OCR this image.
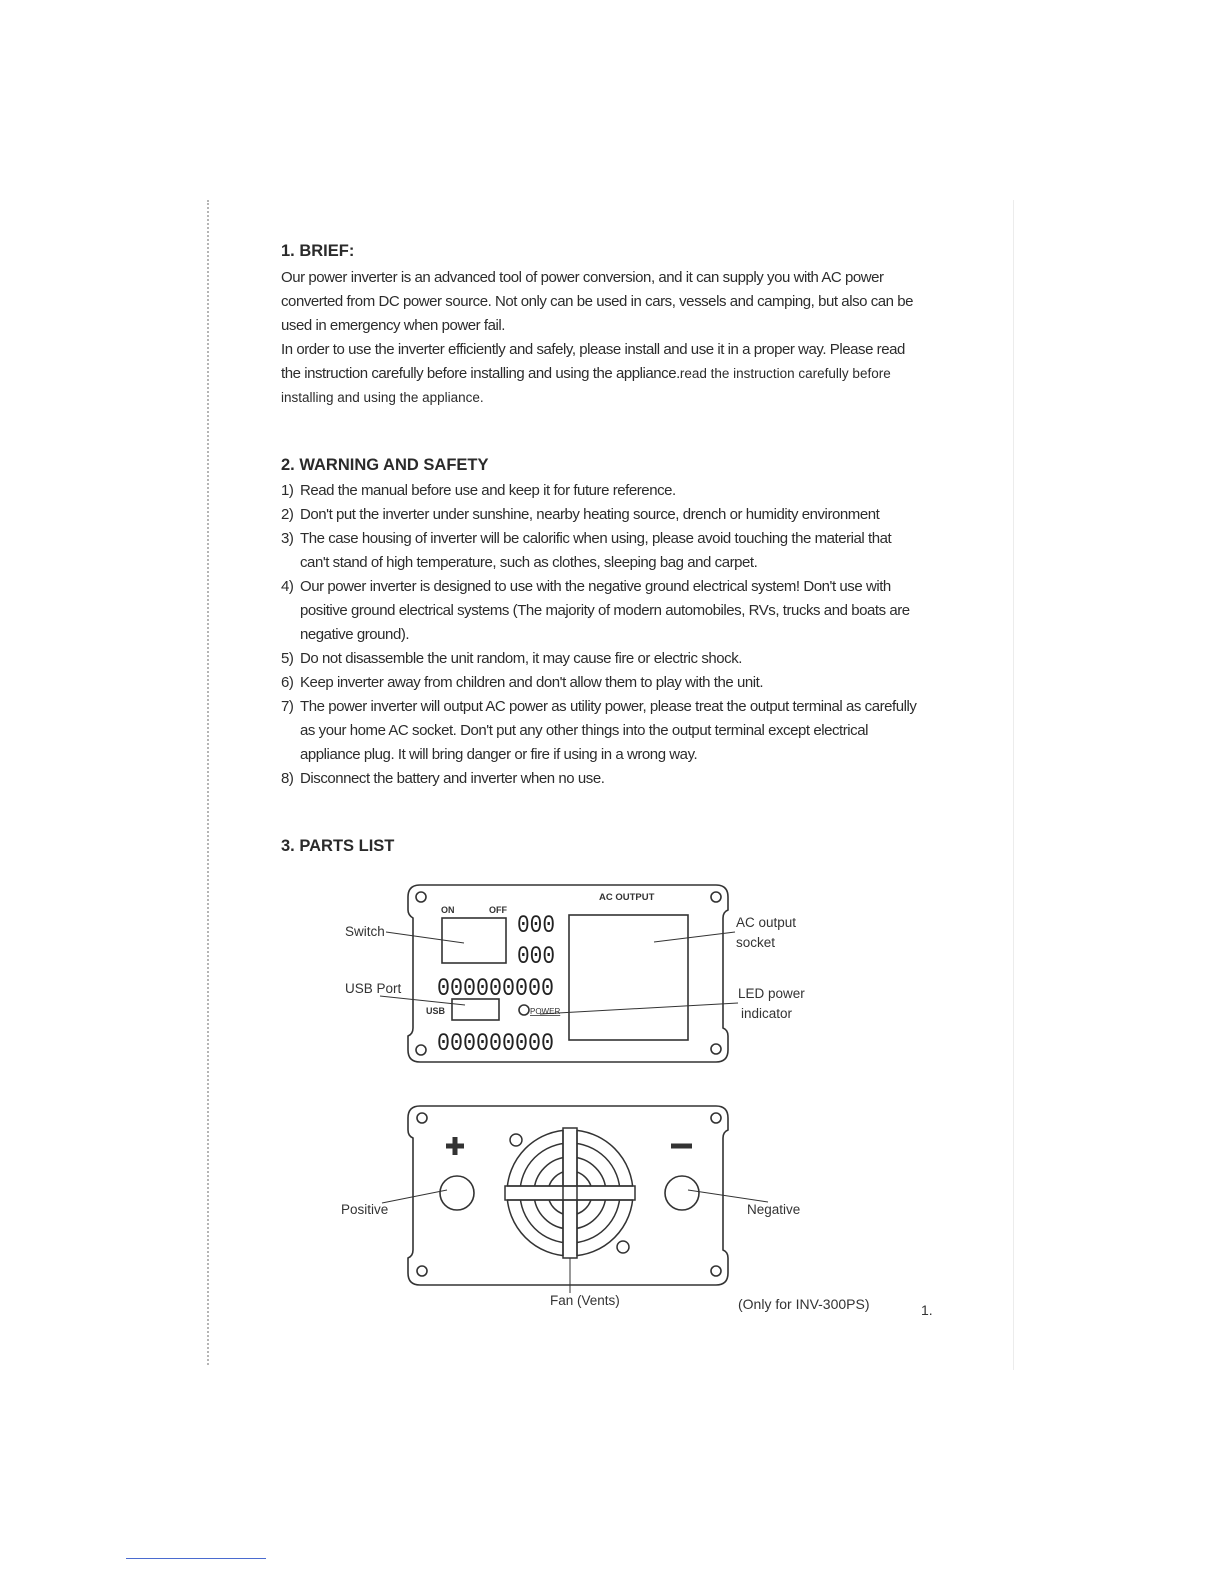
1. BRIEF:

Our power inverter is an advanced tool of power conversion, and it can supply you with AC power converted from DC power source. Not only can be used in cars, vessels and camping, but also can be used in emergency when power fail.

In order to use the inverter efficiently and safely, please install and use it in a proper way. Please read the instruction carefully before installing and using the appliance.read the instruction carefully before installing and using the appliance.

2. WARNING AND SAFETY
1) Read the manual before use and keep it for future reference.
2) Don't put the inverter under sunshine, nearby heating source, drench or humidity environment
3) The case housing of inverter will be calorific when using, please avoid touching the material that can't stand of high temperature, such as clothes, sleeping bag and carpet.
4) Our power inverter is designed to use with the negative ground electrical system! Don't use with positive ground electrical systems (The majority of modern automobiles, RVs, trucks and boats are negative ground).
5) Do not disassemble the unit random, it may cause fire or electric shock.
6) Keep inverter away from children and don't allow them to play with the unit.
7) The power inverter will output AC power as utility power, please treat the output terminal as carefully as your home AC socket. Don't put any other things into the output terminal except electrical appliance plug. It will bring danger or fire if using in a wrong way.
8) Disconnect the battery and inverter when no use.
3. PARTS LIST
AC OUTPUT
ON	OFF
000
000
000000000
000000000
USB	POWER
Switch
USB Port
AC output
socket
LED power
indicator
Positive	Negative
Fan (Vents)	(Only for INV-300PS)	1.
